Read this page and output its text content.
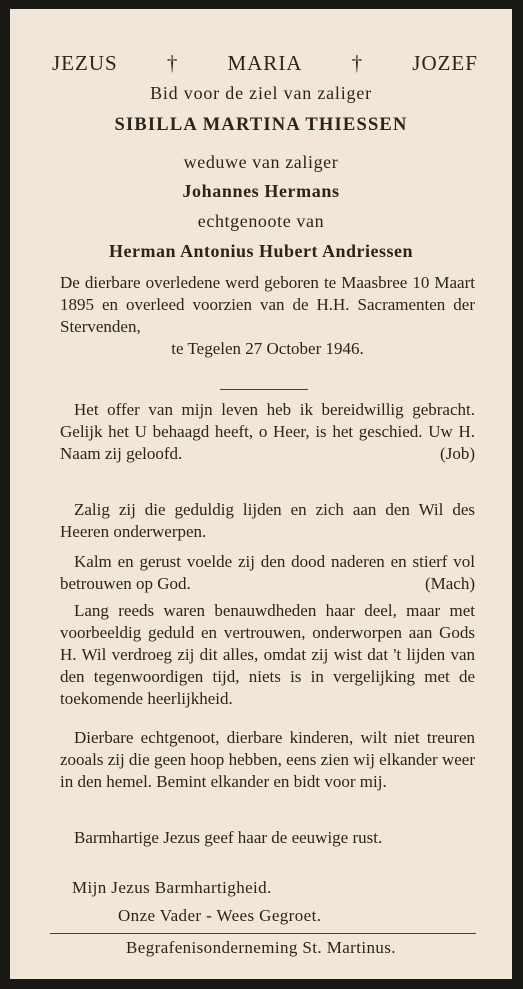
JEZUS † MARIA † JOZEF
Bid voor de ziel van zaliger
SIBILLA MARTINA THIESSEN
weduwe van zaliger
Johannes Hermans
echtgenoote van
Herman Antonius Hubert Andriessen
De dierbare overledene werd geboren te Maasbree 10 Maart 1895 en overleed voorzien van de H.H. Sacramenten der Stervenden,
te Tegelen 27 October 1946.
Het offer van mijn leven heb ik bereidwillig gebracht. Gelijk het U behaagd heeft, o Heer, is het geschied. Uw H. Naam zij geloofd.	(Job)
Zalig zij die geduldig lijden en zich aan den Wil des Heeren onderwerpen.
Kalm en gerust voelde zij den dood naderen en stierf vol betrouwen op God.	(Mach)
Lang reeds waren benauwdheden haar deel, maar met voorbeeldig geduld en vertrouwen, onderworpen aan Gods H. Wil verdroeg zij dit alles, omdat zij wist dat 't lijden van den tegenwoordigen tijd, niets is in vergelijking met de toekomende heerlijkheid.
Dierbare echtgenoot, dierbare kinderen, wilt niet treuren zooals zij die geen hoop hebben, eens zien wij elkander weer in den hemel. Bemint elkander en bidt voor mij.
Barmhartige Jezus geef haar de eeuwige rust.
Mijn Jezus Barmhartigheid.
Onze Vader - Wees Gegroet.
Begrafenisonderneming St. Martinus.
